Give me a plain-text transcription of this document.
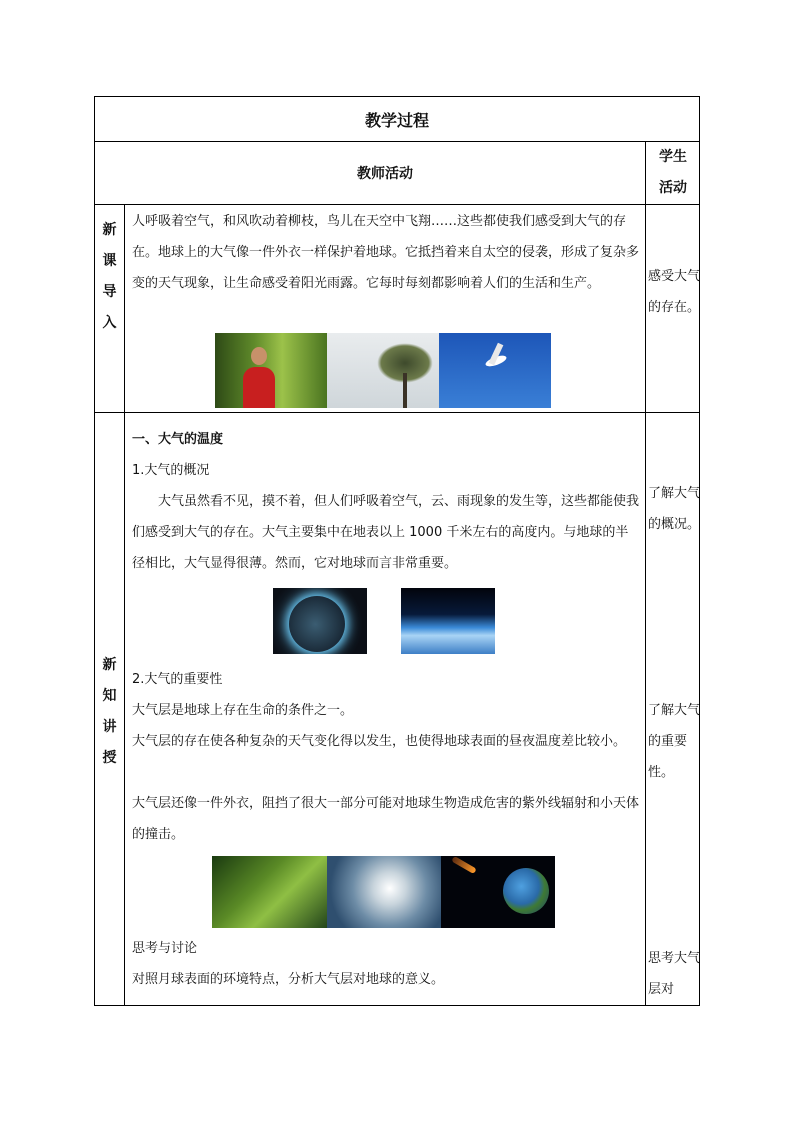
教学过程
教师活动
学生活动
新课导入
人呼吸着空气，和风吹动着柳枝，鸟儿在天空中飞翔……这些都使我们感受到大气的存在。地球上的大气像一件外衣一样保护着地球。它抵挡着来自太空的侵袭，形成了复杂多变的天气现象，让生命感受着阳光雨露。它每时每刻都影响着人们的生活和生产。	感受大气的存在。
新知讲授
一、大气的温度
1.大气的概况
大气虽然看不见，摸不着，但人们呼吸着空气，云、雨现象的发生等，这些都能使我们感受到大气的存在。大气主要集中在地表以上 1000 千米左右的高度内。与地球的半径相比，大气显得很薄。然而，它对地球而言非常重要。
了解大气的概况。
2.大气的重要性
大气层是地球上存在生命的条件之一。
大气层的存在使各种复杂的天气变化得以发生，也使得地球表面的昼夜温度差比较小。
大气层还像一件外衣，阻挡了很大一部分可能对地球生物造成危害的紫外线辐射和小天体的撞击。
了解大气的重要性。
思考与讨论
对照月球表面的环境特点，分析大气层对地球的意义。
思考大气层对
